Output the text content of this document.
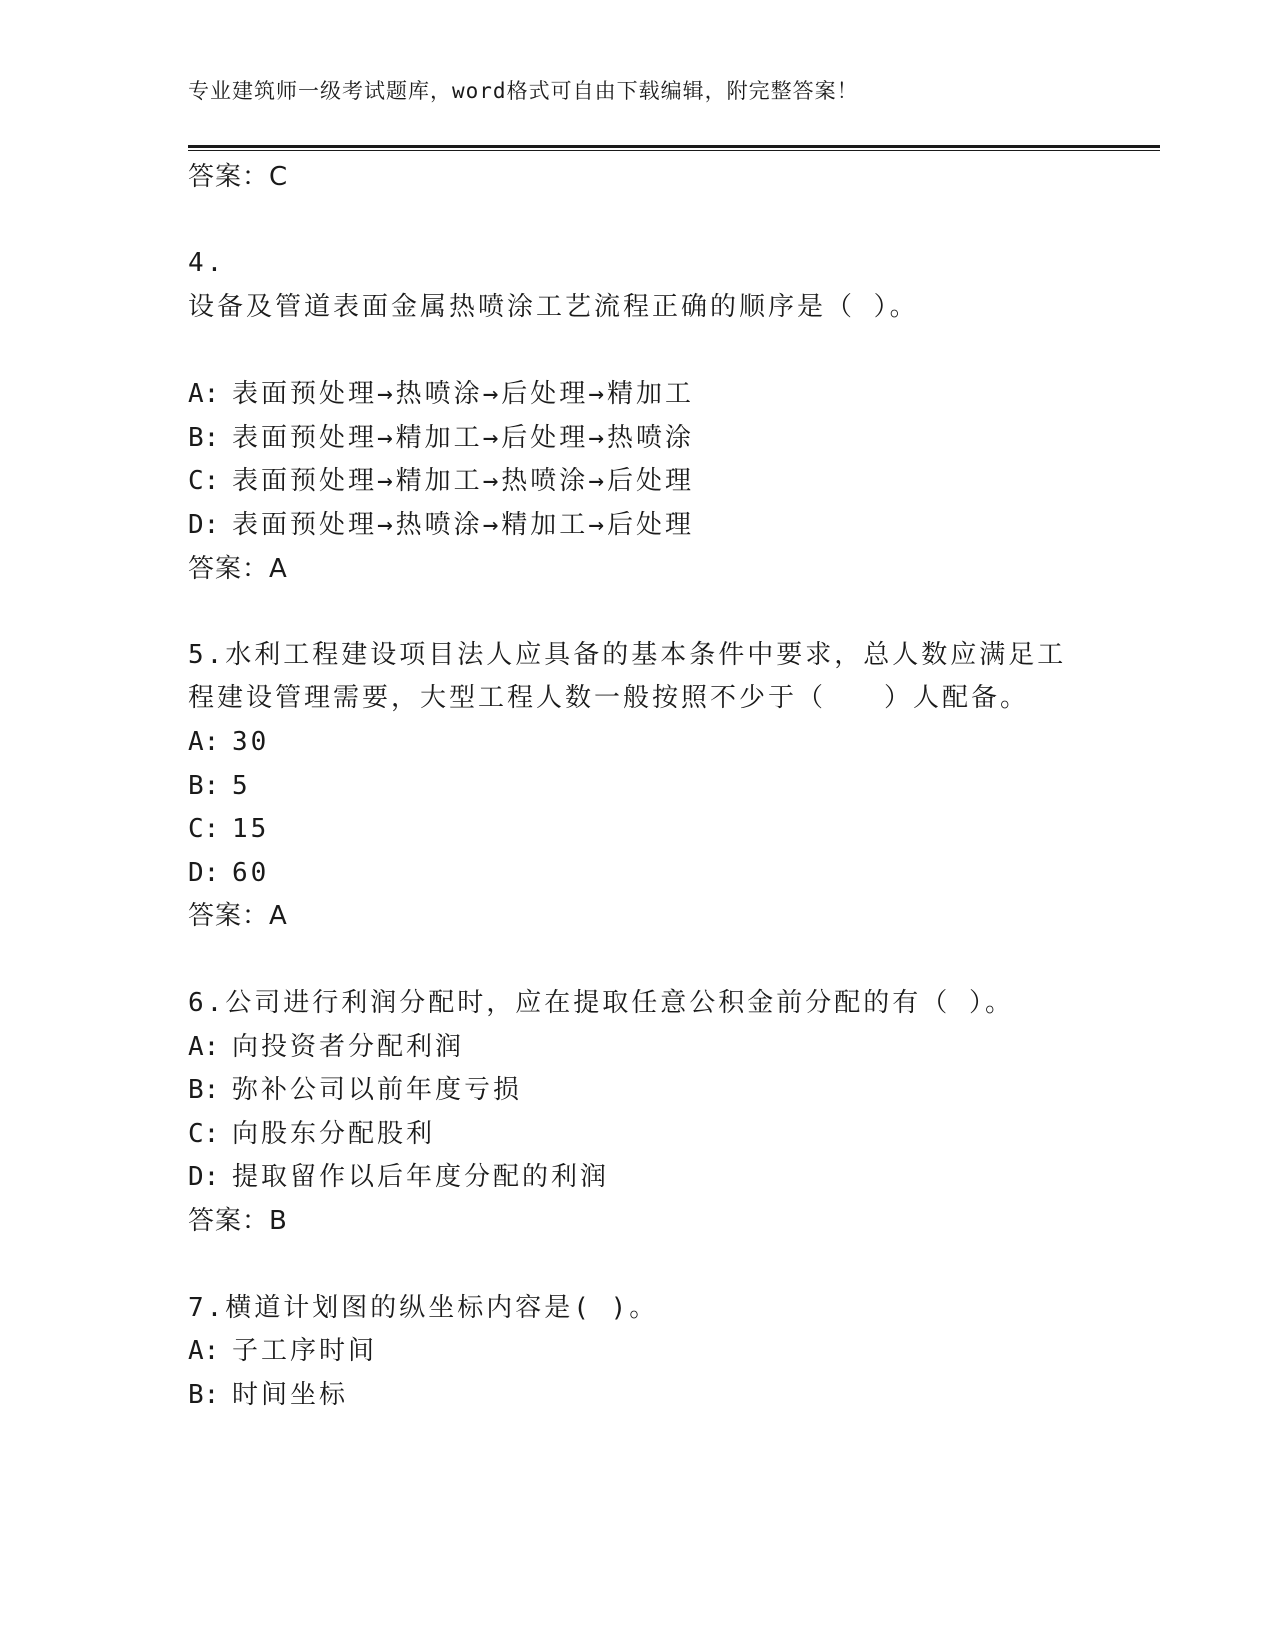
专业建筑师一级考试题库，word格式可自由下载编辑，附完整答案！
答案：C
4.
设备及管道表面金属热喷涂工艺流程正确的顺序是（ ）。
A: 表面预处理→热喷涂→后处理→精加工
B: 表面预处理→精加工→后处理→热喷涂
C: 表面预处理→精加工→热喷涂→后处理
D: 表面预处理→热喷涂→精加工→后处理
答案：A
5.水利工程建设项目法人应具备的基本条件中要求，总人数应满足工
程建设管理需要，大型工程人数一般按照不少于（　　）人配备。
A: 30
B: 5
C: 15
D: 60
答案：A
6.公司进行利润分配时，应在提取任意公积金前分配的有（ ）。
A: 向投资者分配利润
B: 弥补公司以前年度亏损
C: 向股东分配股利
D: 提取留作以后年度分配的利润
答案：B
7.横道计划图的纵坐标内容是( )。
A: 子工序时间
B: 时间坐标
